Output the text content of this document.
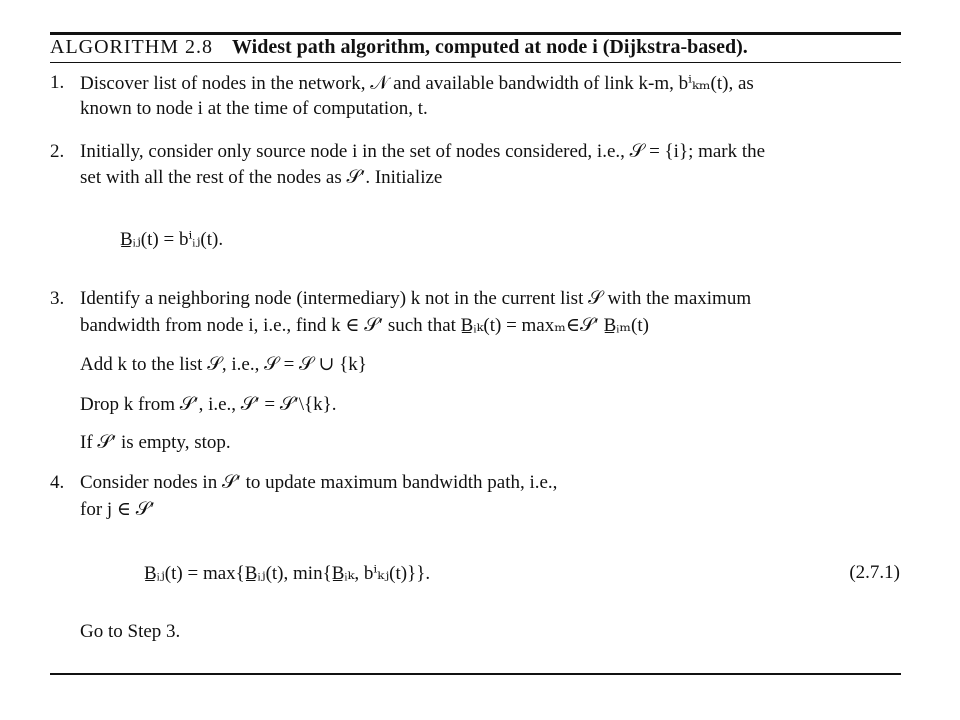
ALGORITHM 2.8 Widest path algorithm, computed at node i (Dijkstra-based).
1. Discover list of nodes in the network, 𝒩 and available bandwidth of link k-m, bⁱₖₘ(t), as
known to node i at the time of computation, t.
2. Initially, consider only source node i in the set of nodes considered, i.e., 𝒮 = {i}; mark the
set with all the rest of the nodes as 𝒮′. Initialize
B̲ᵢⱼ(t) = bⁱᵢⱼ(t).
3. Identify a neighboring node (intermediary) k not in the current list 𝒮 with the maximum
bandwidth from node i, i.e., find k ∈ 𝒮′ such that B̲ᵢₖ(t) = maxₘ∈𝒮′ B̲ᵢₘ(t)
Add k to the list 𝒮, i.e., 𝒮 = 𝒮 ∪ {k}
Drop k from 𝒮′, i.e., 𝒮′ = 𝒮′\{k}.
If 𝒮′ is empty, stop.
4. Consider nodes in 𝒮′ to update maximum bandwidth path, i.e.,
for j ∈ 𝒮′
B̲ᵢⱼ(t) = max{B̲ᵢⱼ(t), min{B̲ᵢₖ, bⁱₖⱼ(t)}}.	(2.7.1)
Go to Step 3.
